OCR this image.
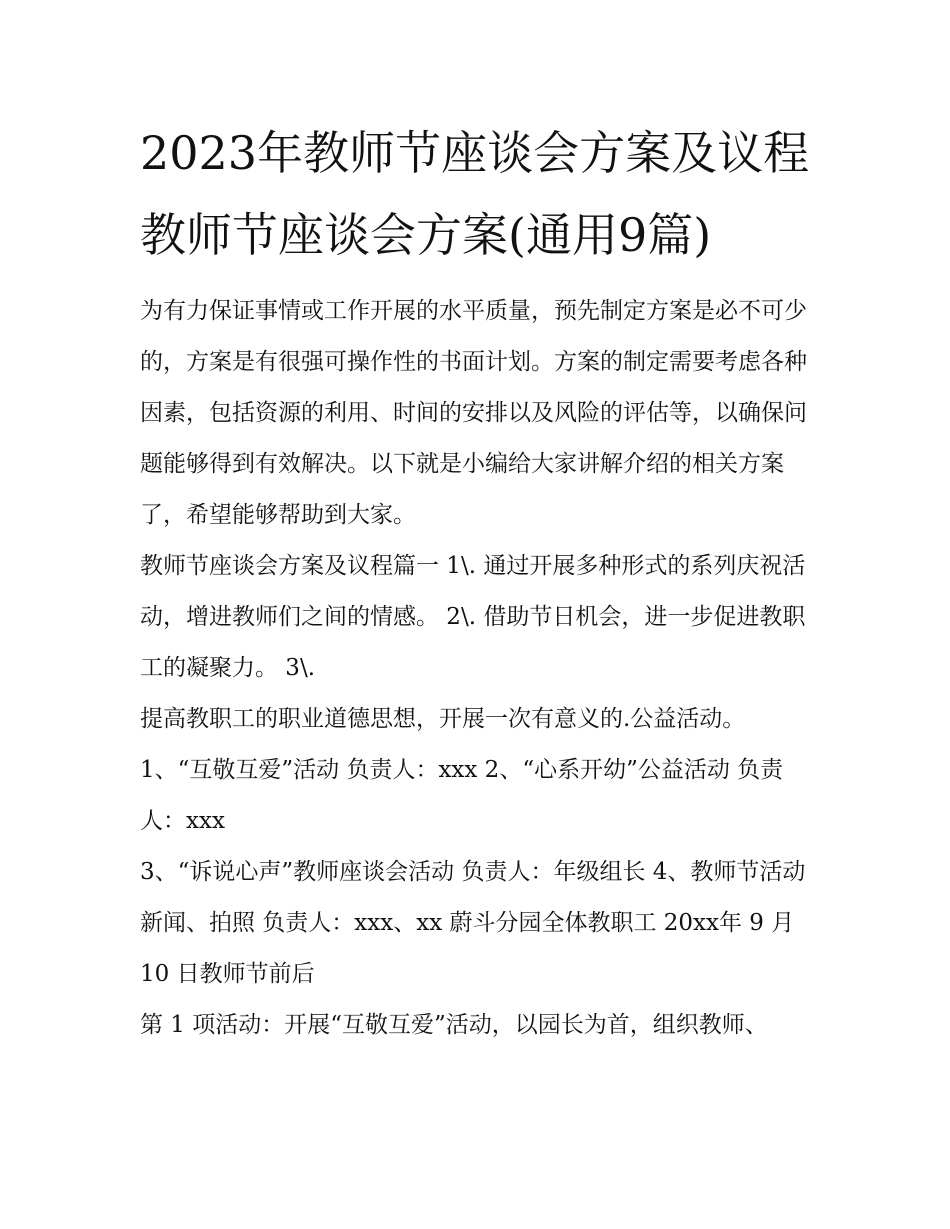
2023年教师节座谈会方案及议程 教师节座谈会方案(通用9篇)

为有力保证事情或工作开展的水平质量，预先制定方案是必不可少的，方案是有很强可操作性的书面计划。方案的制定需要考虑各种因素，包括资源的利用、时间的安排以及风险的评估等，以确保问题能够得到有效解决。以下就是小编给大家讲解介绍的相关方案了，希望能够帮助到大家。

教师节座谈会方案及议程篇一 1\. 通过开展多种形式的系列庆祝活动，增进教师们之间的情感。 2\. 借助节日机会，进一步促进教职工的凝聚力。 3\.

提高教职工的职业道德思想，开展一次有意义的.公益活动。

1、“互敬互爱”活动 负责人：xxx 2、“心系开幼”公益活动 负责人：xxx

3、“诉说心声”教师座谈会活动 负责人：年级组长 4、教师节活动新闻、拍照 负责人：xxx、xx 蔚斗分园全体教职工 20xx年 9 月 10 日教师节前后

第 1 项活动：开展“互敬互爱”活动，以园长为首，组织教师、
